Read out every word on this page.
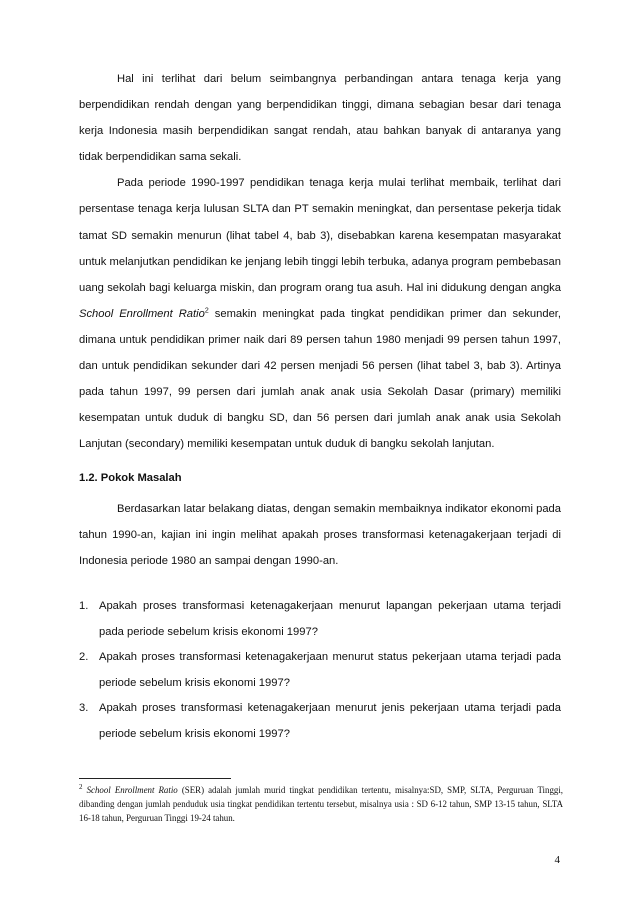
Hal ini terlihat dari belum seimbangnya perbandingan antara tenaga kerja yang berpendidikan rendah dengan yang berpendidikan tinggi, dimana sebagian besar dari tenaga kerja Indonesia masih berpendidikan sangat rendah, atau bahkan banyak di antaranya yang tidak berpendidikan sama sekali.

Pada periode 1990-1997 pendidikan tenaga kerja mulai terlihat membaik, terlihat dari persentase tenaga kerja lulusan SLTA dan PT semakin meningkat, dan persentase pekerja tidak tamat SD semakin menurun (lihat tabel 4, bab 3), disebabkan karena kesempatan masyarakat untuk melanjutkan pendidikan ke jenjang lebih tinggi lebih terbuka, adanya program pembebasan uang sekolah bagi keluarga miskin, dan program orang tua asuh. Hal ini didukung dengan angka School Enrollment Ratio$^2$ semakin meningkat pada tingkat pendidikan primer dan sekunder, dimana untuk pendidikan primer naik dari 89 persen tahun 1980 menjadi 99 persen tahun 1997, dan untuk pendidikan sekunder dari 42 persen menjadi 56 persen (lihat tabel 3, bab 3). Artinya pada tahun 1997, 99 persen dari jumlah anak anak usia Sekolah Dasar (primary) memiliki kesempatan untuk duduk di bangku SD, dan 56 persen dari jumlah anak anak usia Sekolah Lanjutan (secondary) memiliki kesempatan untuk duduk di bangku sekolah lanjutan.

1.2. Pokok Masalah

Berdasarkan latar belakang diatas, dengan semakin membaiknya indikator ekonomi pada tahun 1990-an, kajian ini ingin melihat apakah proses transformasi ketenagakerjaan terjadi di Indonesia periode 1980 an sampai dengan 1990-an.

1. Apakah proses transformasi ketenagakerjaan menurut lapangan pekerjaan utama terjadi pada periode sebelum krisis ekonomi 1997?
2. Apakah proses transformasi ketenagakerjaan menurut status pekerjaan utama terjadi pada periode sebelum krisis ekonomi 1997?
3. Apakah proses transformasi ketenagakerjaan menurut jenis pekerjaan utama terjadi pada periode sebelum krisis ekonomi 1997?

$^2$ School Enrollment Ratio (SER) adalah jumlah murid tingkat pendidikan tertentu, misalnya:SD, SMP, SLTA, Perguruan Tinggi, dibanding dengan jumlah penduduk usia tingkat pendidikan tertentu tersebut, misalnya usia : SD 6-12 tahun, SMP 13-15 tahun, SLTA 16-18 tahun, Perguruan Tinggi 19-24 tahun.

4
